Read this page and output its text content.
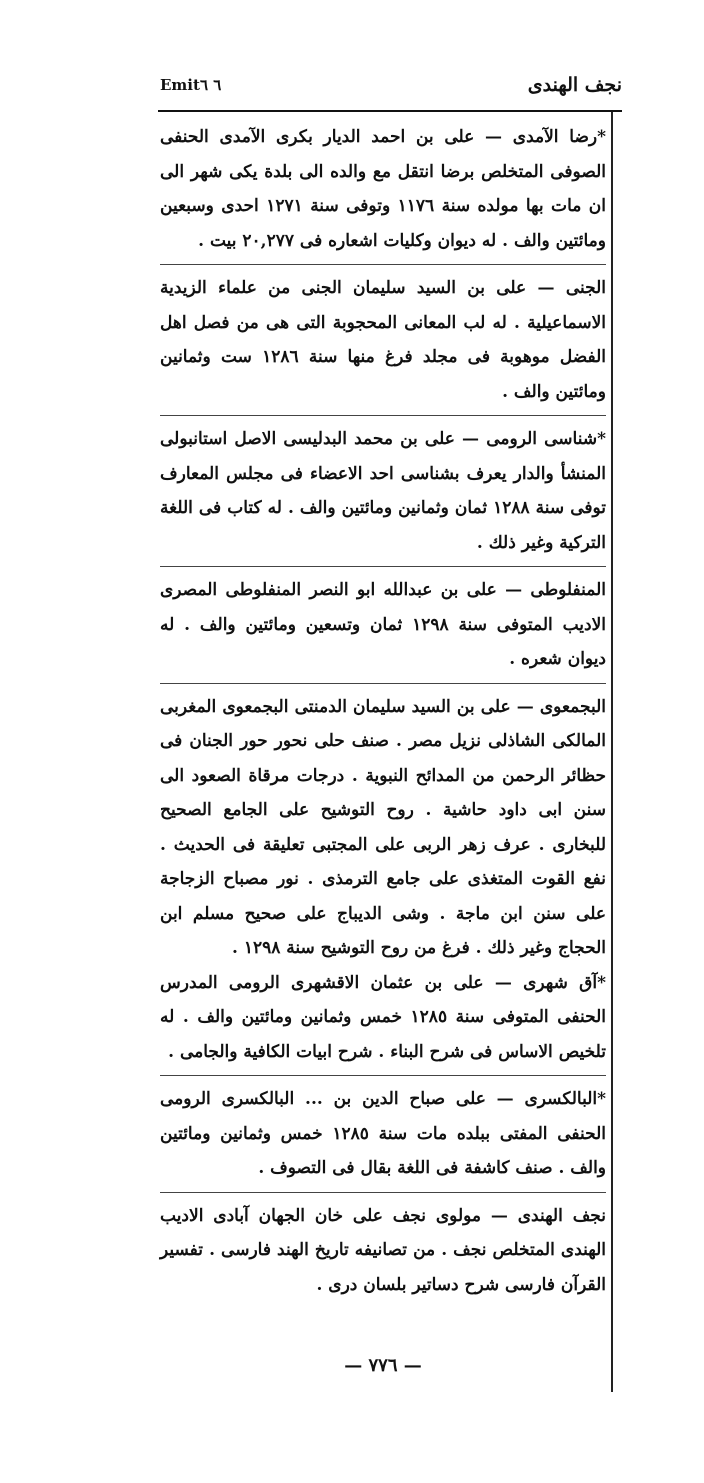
نجف الهندى
Emit٦ ٦

*رضا الآمدى — على بن احمد الديار بكرى الآمدى الحنفى الصوفى المتخلص برضا انتقل مع والده الى بلدة يكى شهر الى ان مات بها مولده سنة ١١٧٦ وتوفى سنة ١٢٧١ احدى وسبعين ومائتين والف . له ديوان وكليات اشعاره فى ٢٠,٢٧٧ بيت .

الجنى — على بن السيد سليمان الجنى من علماء الزيدية الاسماعيلية . له لب المعانى المحجوبة التى هى من فصل اهل الفضل موهوبة فى مجلد فرغ منها سنة ١٢٨٦ ست وثمانين ومائتين والف .

*شناسى الرومى — على بن محمد البدليسى الاصل استانبولى المنشأ والدار يعرف بشناسى احد الاعضاء فى مجلس المعارف توفى سنة ١٢٨٨ ثمان وثمانين ومائتين والف . له كتاب فى اللغة التركية وغير ذلك .

المنفلوطى — على بن عبدالله ابو النصر المنفلوطى المصرى الاديب المتوفى سنة ١٢٩٨ ثمان وتسعين ومائتين والف . له ديوان شعره .

البجمعوى — على بن السيد سليمان الدمنتى البجمعوى المغربى المالكى الشاذلى نزيل مصر . صنف حلى نحور حور الجنان فى حظائر الرحمن من المدائح النبوية . درجات مرقاة الصعود الى سنن ابى داود حاشية . روح التوشيح على الجامع الصحيح للبخارى . عرف زهر الربى على المجتبى تعليقة فى الحديث . نفع القوت المتغذى على جامع الترمذى . نور مصباح الزجاجة على سنن ابن ماجة . وشى الديباج على صحيح مسلم ابن الحجاج وغير ذلك . فرغ من روح التوشيح سنة ١٢٩٨ .

*آق شهرى — على بن عثمان الاقشهرى الرومى المدرس الحنفى المتوفى سنة ١٢٨٥ خمس وثمانين ومائتين والف . له تلخيص الاساس فى شرح البناء . شرح ابيات الكافية والجامى .

*البالكسرى — على صباح الدين بن ... البالكسرى الرومى الحنفى المفتى ببلده مات سنة ١٢٨٥ خمس وثمانين ومائتين والف . صنف كاشفة فى اللغة بقال فى التصوف .

نجف الهندى — مولوى نجف على خان الجهان آبادى الاديب الهندى المتخلص نجف . من تصانيفه تاريخ الهند فارسى . تفسير القرآن فارسى شرح دساتير بلسان درى .

— ٧٧٦ —
